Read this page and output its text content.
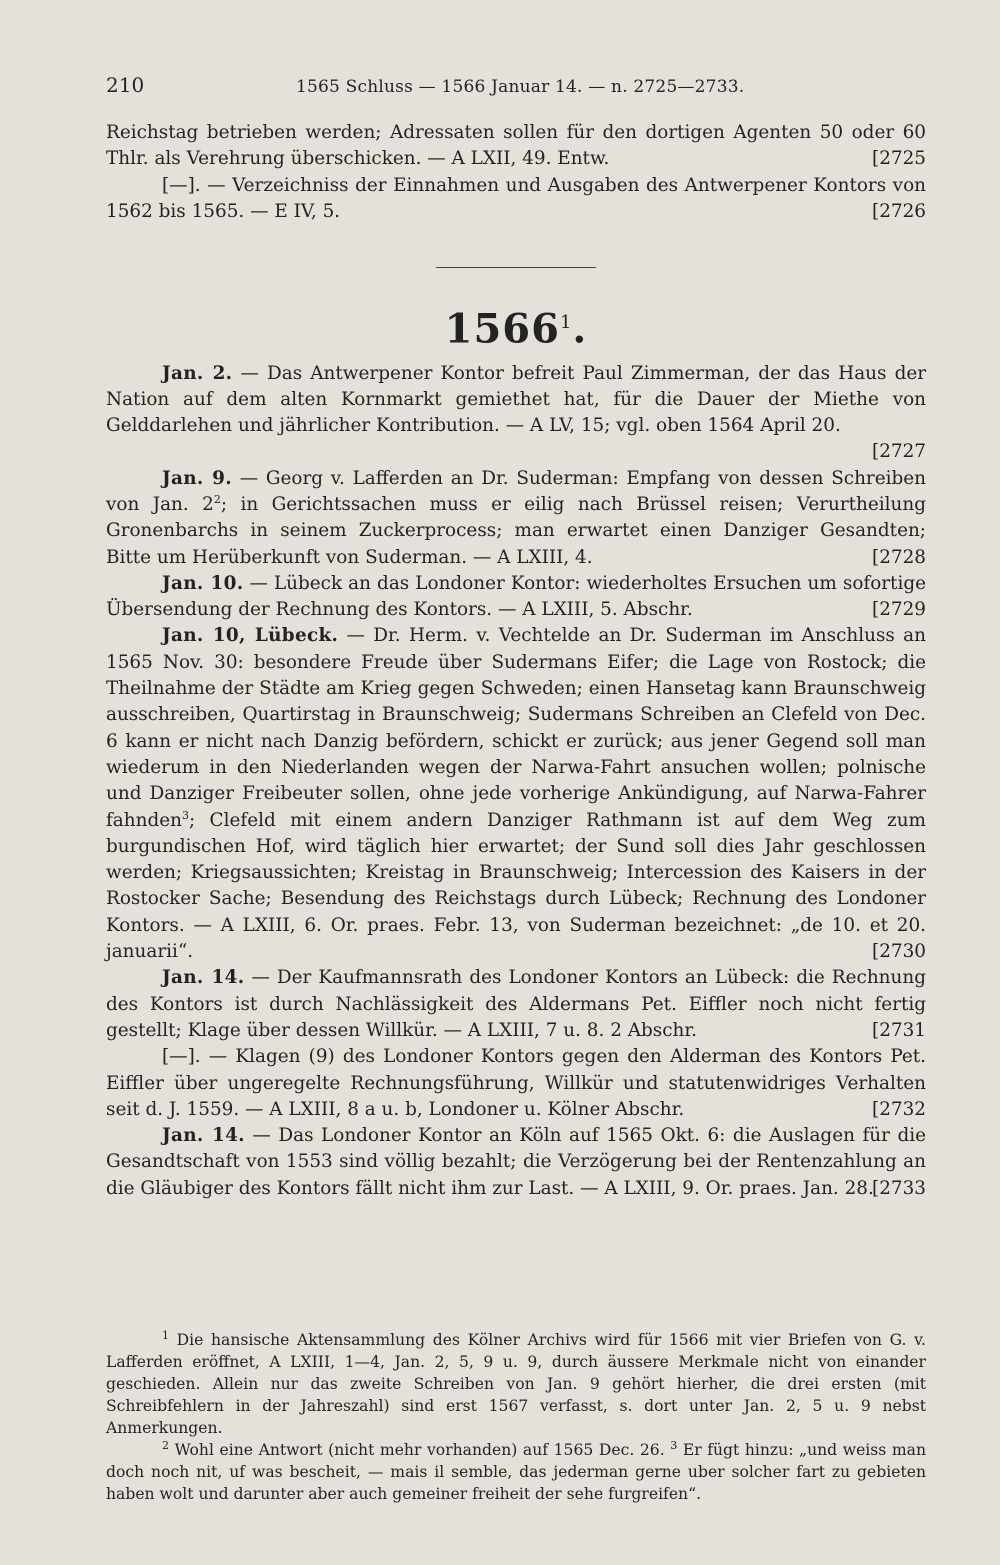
210	1565 Schluss — 1566 Januar 14. — n. 2725—2733.

Reichstag betrieben werden; Adressaten sollen für den dortigen Agenten 50 oder 60 Thlr. als Verehrung überschicken. — A LXII, 49. Entw.	[2725

[—]. — Verzeichniss der Einnahmen und Ausgaben des Antwerpener Kontors von 1562 bis 1565. — E IV, 5.	[2726
1566$^1$.

Jan. 2. — Das Antwerpener Kontor befreit Paul Zimmerman, der das Haus der Nation auf dem alten Kornmarkt gemiethet hat, für die Dauer der Miethe von Gelddarlehen und jährlicher Kontribution. — A LV, 15; vgl. oben 1564 April 20.

[2727

Jan. 9. — Georg v. Lafferden an Dr. Suderman: Empfang von dessen Schreiben von Jan. $2^2$; in Gerichtssachen muss er eilig nach Brüssel reisen; Verurtheilung Gronenbarchs in seinem Zuckerprocess; man erwartet einen Danziger Gesandten; Bitte um Herüberkunft von Suderman. — A LXIII, 4.	[2728

Jan. 10. — Lübeck an das Londoner Kontor: wiederholtes Ersuchen um sofortige Übersendung der Rechnung des Kontors. — A LXIII, 5. Abschr.	[2729

Jan. 10, Lübeck. — Dr. Herm. v. Vechtelde an Dr. Suderman im Anschluss an 1565 Nov. 30: besondere Freude über Sudermans Eifer; die Lage von Rostock; die Theilnahme der Städte am Krieg gegen Schweden; einen Hansetag kann Braunschweig ausschreiben, Quartirstag in Braunschweig; Sudermans Schreiben an Clefeld von Dec. 6 kann er nicht nach Danzig befördern, schickt er zurück; aus jener Gegend soll man wiederum in den Niederlanden wegen der Narwa-Fahrt ansuchen wollen; polnische und Danziger Freibeuter sollen, ohne jede vorherige Ankündigung, auf Narwa-Fahrer fahnden$^3$; Clefeld mit einem andern Danziger Rathmann ist auf dem Weg zum burgundischen Hof, wird täglich hier erwartet; der Sund soll dies Jahr geschlossen werden; Kriegsaussichten; Kreistag in Braunschweig; Intercession des Kaisers in der Rostocker Sache; Besendung des Reichstags durch Lübeck; Rechnung des Londoner Kontors. — A LXIII, 6. Or. praes. Febr. 13, von Suderman bezeichnet: „de 10. et 20. januarii“.	[2730

Jan. 14. — Der Kaufmannsrath des Londoner Kontors an Lübeck: die Rechnung des Kontors ist durch Nachlässigkeit des Aldermans Pet. Eiffler noch nicht fertig gestellt; Klage über dessen Willkür. — A LXIII, 7 u. 8. 2 Abschr.	[2731

[—]. — Klagen (9) des Londoner Kontors gegen den Alderman des Kontors Pet. Eiffler über ungeregelte Rechnungsführung, Willkür und statutenwidriges Verhalten seit d. J. 1559. — A LXIII, 8 a u. b, Londoner u. Kölner Abschr.	[2732

Jan. 14. — Das Londoner Kontor an Köln auf 1565 Okt. 6: die Auslagen für die Gesandtschaft von 1553 sind völlig bezahlt; die Verzögerung bei der Rentenzahlung an die Gläubiger des Kontors fällt nicht ihm zur Last. — A LXIII, 9. Or. praes. Jan. 28.

[2733

$^1$ Die hansische Aktensammlung des Kölner Archivs wird für 1566 mit vier Briefen von G. v. Lafferden eröffnet, A LXIII, 1—4, Jan. 2, 5, 9 u. 9, durch äussere Merkmale nicht von einander geschieden. Allein nur das zweite Schreiben von Jan. 9 gehört hierher, die drei ersten (mit Schreibfehlern in der Jahreszahl) sind erst 1567 verfasst, s. dort unter Jan. 2, 5 u. 9 nebst Anmerkungen.

$^2$ Wohl eine Antwort (nicht mehr vorhanden) auf 1565 Dec. 26. $^3$ Er fügt hinzu: „und weiss man doch noch nit, uf was bescheit, — mais il semble, das jederman gerne uber solcher fart zu gebieten haben wolt und darunter aber auch gemeiner freiheit der sehe furgreifen“.
